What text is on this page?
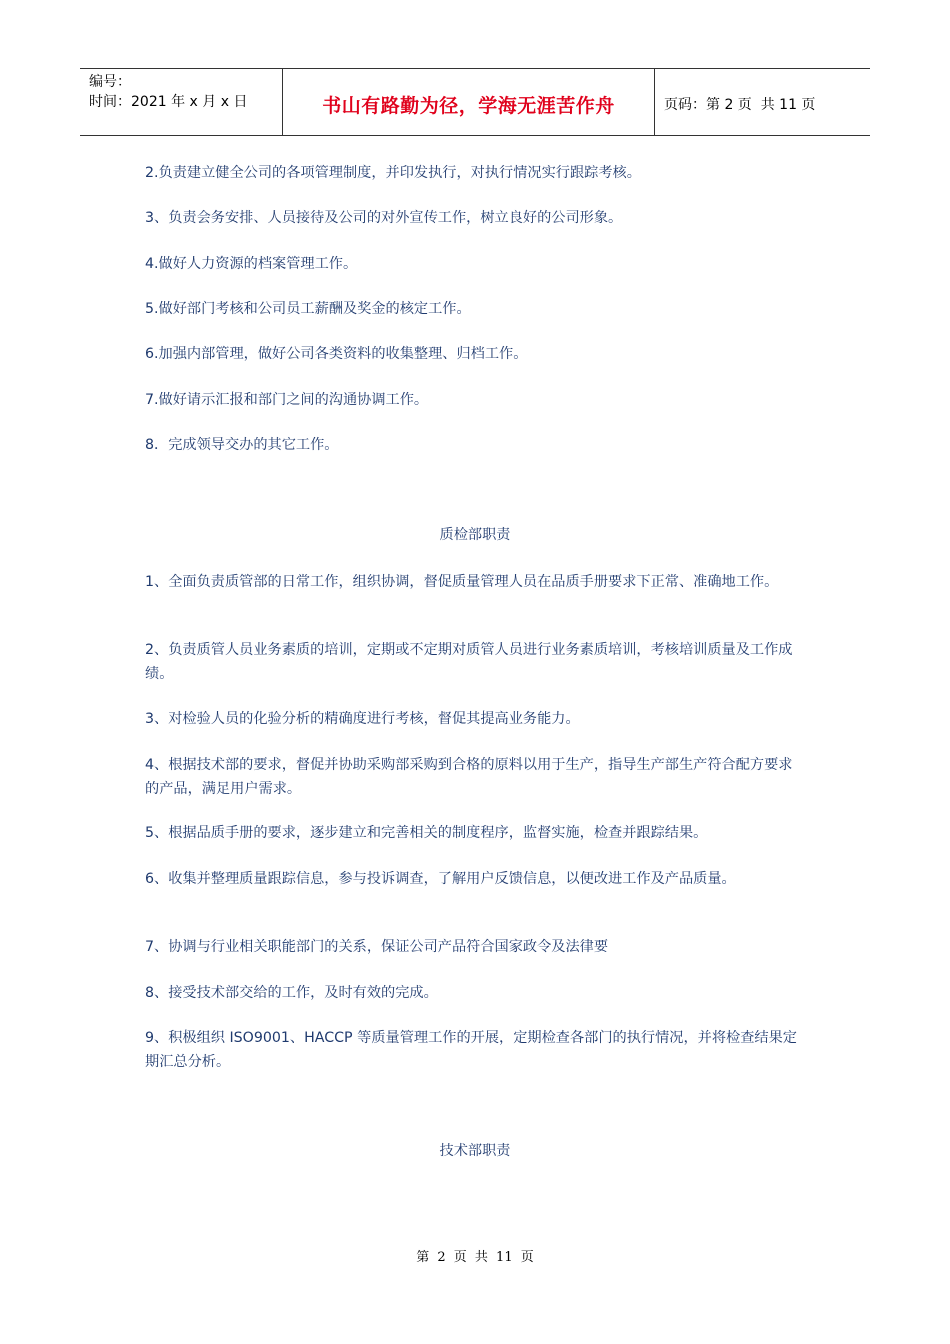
编号：
时间：2021 年 x 月 x 日	书山有路勤为径，学海无涯苦作舟	页码：第 2 页  共 11 页

2.负责建立健全公司的各项管理制度，并印发执行，对执行情况实行跟踪考核。

3、负责会务安排、人员接待及公司的对外宣传工作，树立良好的公司形象。

4.做好人力资源的档案管理工作。

5.做好部门考核和公司员工薪酬及奖金的核定工作。

6.加强内部管理，做好公司各类资料的收集整理、归档工作。

7.做好请示汇报和部门之间的沟通协调工作。

8．完成领导交办的其它工作。

质检部职责

1、全面负责质管部的日常工作，组织协调，督促质量管理人员在品质手册要求下正常、准确地工作。

2、负责质管人员业务素质的培训，定期或不定期对质管人员进行业务素质培训，考核培训质量及工作成绩。

3、对检验人员的化验分析的精确度进行考核，督促其提高业务能力。

4、根据技术部的要求，督促并协助采购部采购到合格的原料以用于生产，指导生产部生产符合配方要求的产品，满足用户需求。

5、根据品质手册的要求，逐步建立和完善相关的制度程序，监督实施，检查并跟踪结果。

6、收集并整理质量跟踪信息，参与投诉调查，了解用户反馈信息，以便改进工作及产品质量。

7、协调与行业相关职能部门的关系，保证公司产品符合国家政令及法律要

8、接受技术部交给的工作，及时有效的完成。

9、积极组织 ISO9001、HACCP 等质量管理工作的开展，定期检查各部门的执行情况，并将检查结果定期汇总分析。

技术部职责
第 2 页 共 11 页
